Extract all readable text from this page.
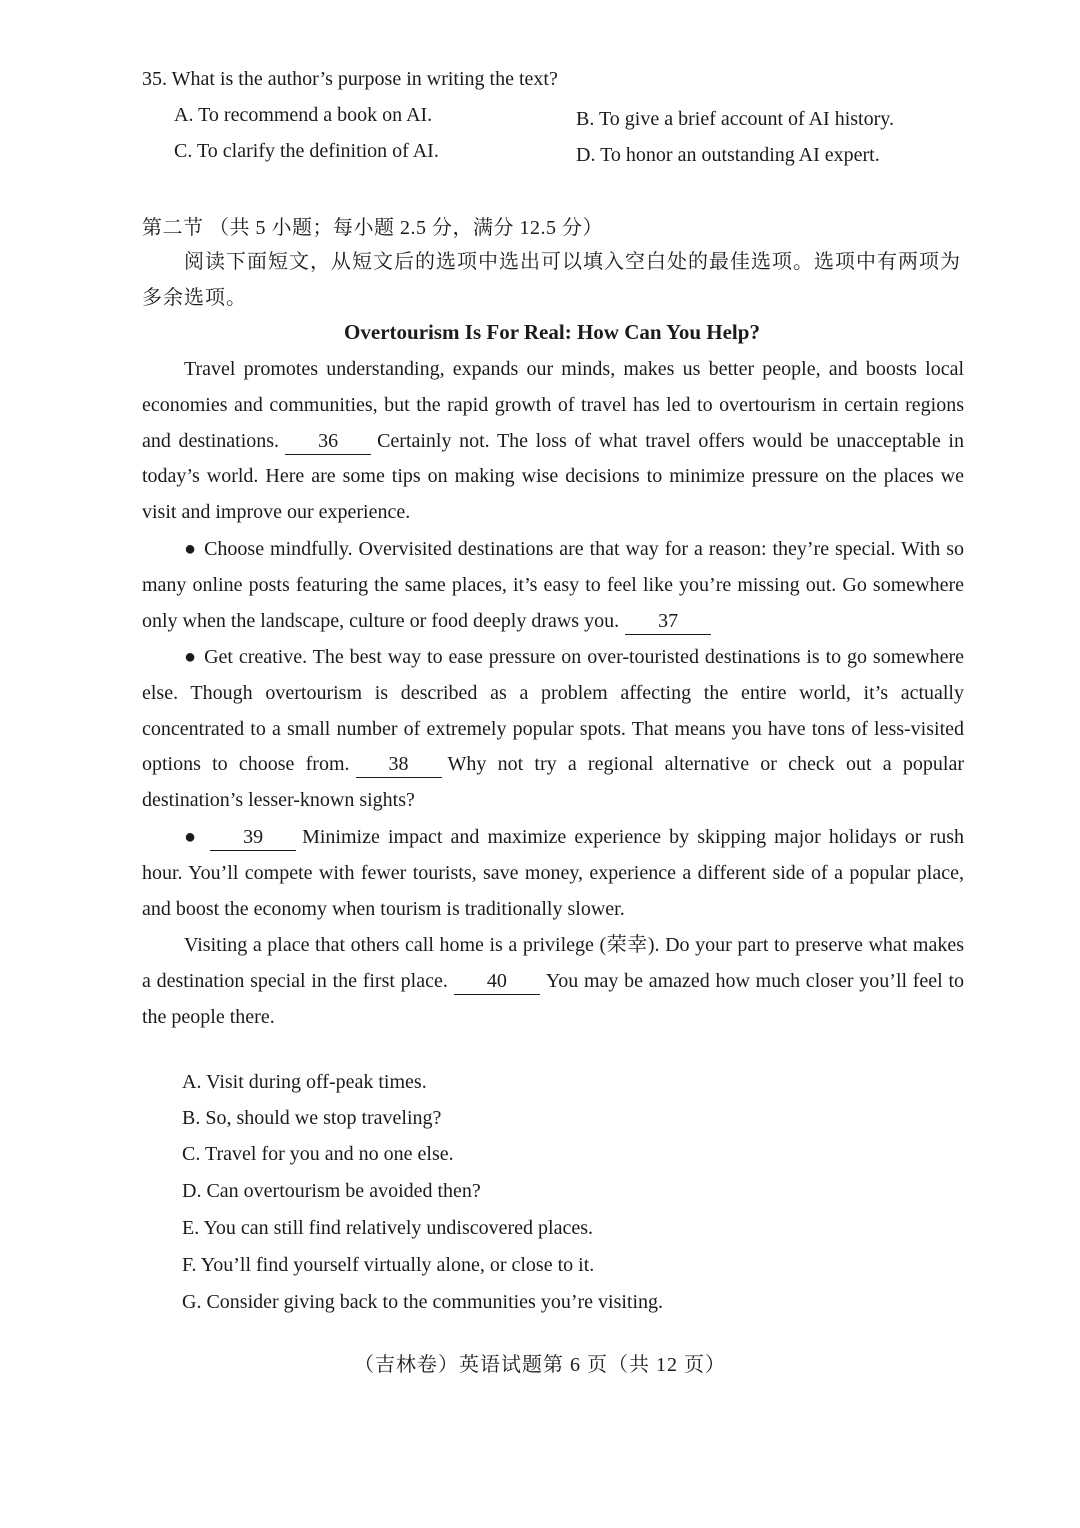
35. What is the author’s purpose in writing the text?

A. To recommend a book on AI.	B. To give a brief account of AI history.

C. To clarify the definition of AI.	D. To honor an outstanding AI expert.

第二节 （共 5 小题；每小题 2.5 分，满分 12.5 分）

阅读下面短文，从短文后的选项中选出可以填入空白处的最佳选项。选项中有两项为多余选项。

Overtourism Is For Real: How Can You Help?

Travel promotes understanding, expands our minds, makes us better people, and boosts local economies and communities, but the rapid growth of travel has led to overtourism in certain regions and destinations. 36 Certainly not. The loss of what travel offers would be unacceptable in today’s world. Here are some tips on making wise decisions to minimize pressure on the places we visit and improve our experience.

● Choose mindfully. Overvisited destinations are that way for a reason: they’re special. With so many online posts featuring the same places, it’s easy to feel like you’re missing out. Go somewhere only when the landscape, culture or food deeply draws you. 37

● Get creative. The best way to ease pressure on over-touristed destinations is to go somewhere else. Though overtourism is described as a problem affecting the entire world, it’s actually concentrated to a small number of extremely popular spots. That means you have tons of less-visited options to choose from. 38 Why not try a regional alternative or check out a popular destination’s lesser-known sights?

● 39 Minimize impact and maximize experience by skipping major holidays or rush hour. You’ll compete with fewer tourists, save money, experience a different side of a popular place, and boost the economy when tourism is traditionally slower.

Visiting a place that others call home is a privilege (荣幸). Do your part to preserve what makes a destination special in the first place. 40 You may be amazed how much closer you’ll feel to the people there.

A. Visit during off-peak times.

B. So, should we stop traveling?

C. Travel for you and no one else.

D. Can overtourism be avoided then?

E. You can still find relatively undiscovered places.

F. You’ll find yourself virtually alone, or close to it.

G. Consider giving back to the communities you’re visiting.

（吉林卷）英语试题第 6 页（共 12 页）
